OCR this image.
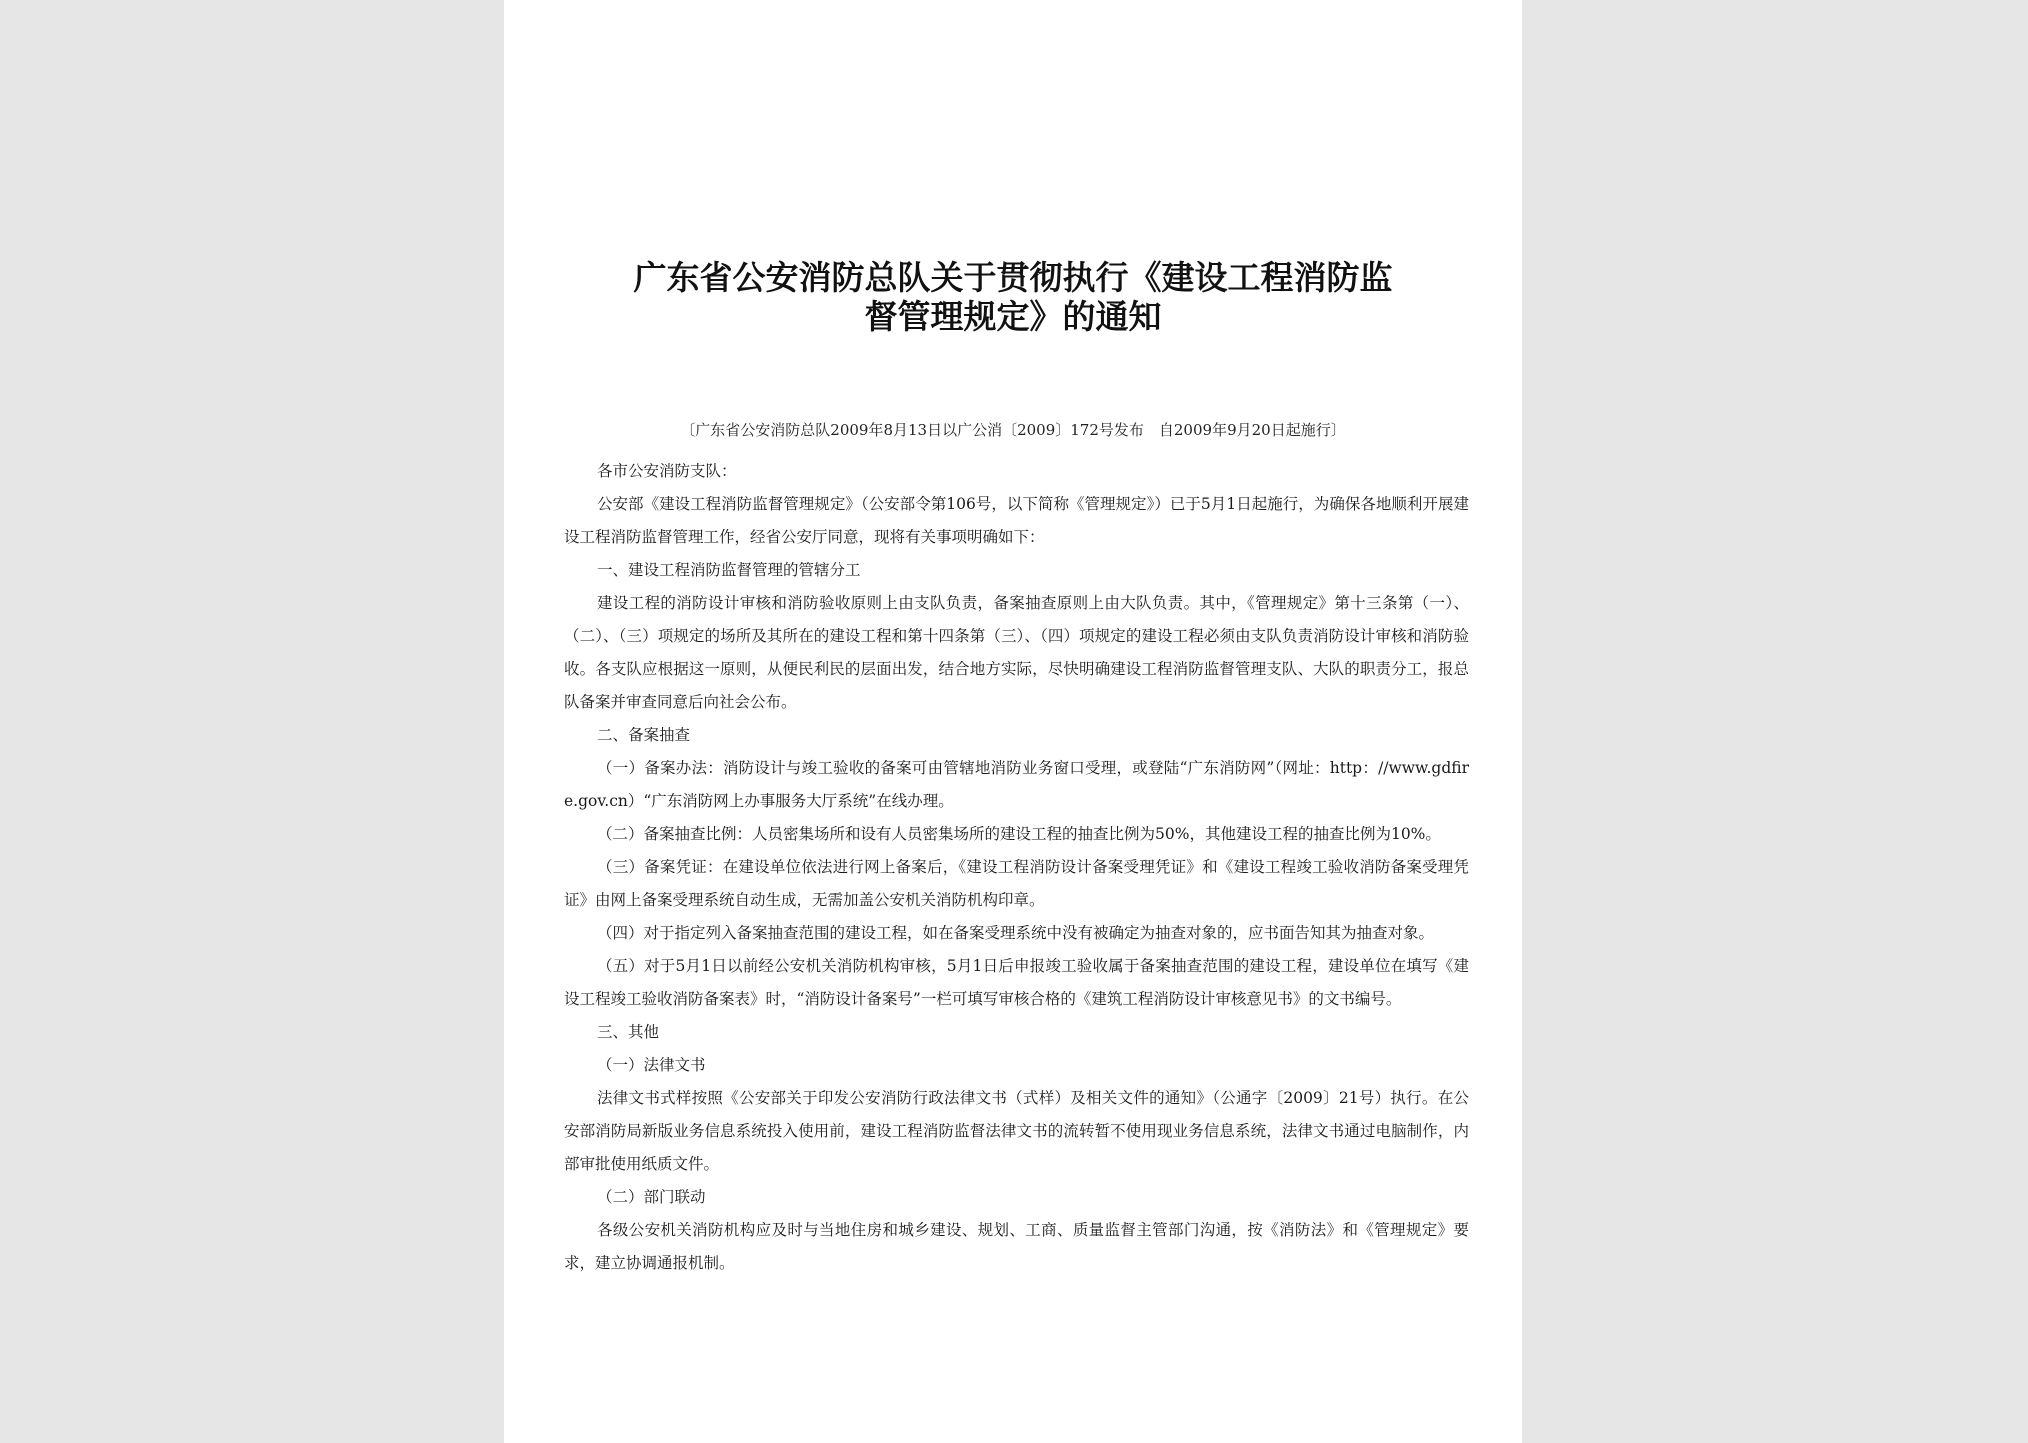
广东省公安消防总队关于贯彻执行《建设工程消防监
督管理规定》的通知
〔广东省公安消防总队2009年8月13日以广公消〔2009〕172号发布　自2009年9月20日起施行〕

各市公安消防支队：

公安部《建设工程消防监督管理规定》（公安部令第106号，以下简称《管理规定》）已于5月1日起施行，为确保各地顺利开展建设工程消防监督管理工作，经省公安厅同意，现将有关事项明确如下：

一、建设工程消防监督管理的管辖分工

建设工程的消防设计审核和消防验收原则上由支队负责，备案抽查原则上由大队负责。其中，《管理规定》第十三条第（一）、（二）、（三）项规定的场所及其所在的建设工程和第十四条第（三）、（四）项规定的建设工程必须由支队负责消防设计审核和消防验收。各支队应根据这一原则，从便民利民的层面出发，结合地方实际，尽快明确建设工程消防监督管理支队、大队的职责分工，报总队备案并审查同意后向社会公布。

二、备案抽查

（一）备案办法：消防设计与竣工验收的备案可由管辖地消防业务窗口受理，或登陆“广东消防网”（网址：http：//www.gdfire.gov.cn）“广东消防网上办事服务大厅系统”在线办理。

（二）备案抽查比例：人员密集场所和设有人员密集场所的建设工程的抽查比例为50%，其他建设工程的抽查比例为10%。

（三）备案凭证：在建设单位依法进行网上备案后，《建设工程消防设计备案受理凭证》和《建设工程竣工验收消防备案受理凭证》由网上备案受理系统自动生成，无需加盖公安机关消防机构印章。

（四）对于指定列入备案抽查范围的建设工程，如在备案受理系统中没有被确定为抽查对象的，应书面告知其为抽查对象。

（五）对于5月1日以前经公安机关消防机构审核，5月1日后申报竣工验收属于备案抽查范围的建设工程，建设单位在填写《建设工程竣工验收消防备案表》时，“消防设计备案号”一栏可填写审核合格的《建筑工程消防设计审核意见书》的文书编号。

三、其他

（一）法律文书

法律文书式样按照《公安部关于印发公安消防行政法律文书（式样）及相关文件的通知》（公通字〔2009〕21号）执行。在公安部消防局新版业务信息系统投入使用前，建设工程消防监督法律文书的流转暂不使用现业务信息系统，法律文书通过电脑制作，内部审批使用纸质文件。

（二）部门联动

各级公安机关消防机构应及时与当地住房和城乡建设、规划、工商、质量监督主管部门沟通，按《消防法》和《管理规定》要求，建立协调通报机制。
